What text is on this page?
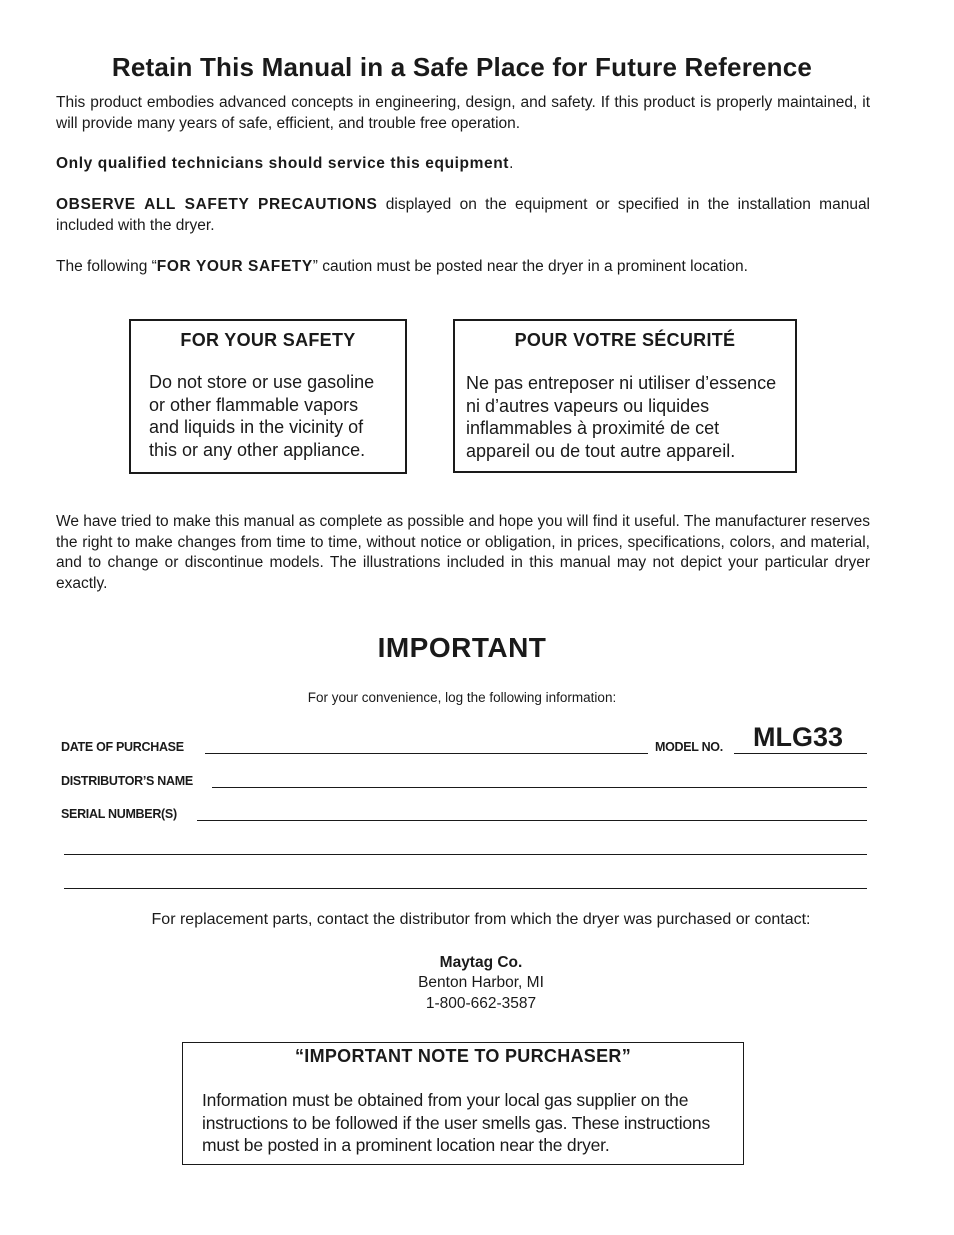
Retain This Manual in a Safe Place for Future Reference
This product embodies advanced concepts in engineering, design, and safety. If this product is properly maintained, it will provide many years of safe, efficient, and trouble free operation.
Only qualified technicians should service this equipment.
OBSERVE ALL SAFETY PRECAUTIONS displayed on the equipment or specified in the installation manual included with the dryer.
The following “FOR YOUR SAFETY” caution must be posted near the dryer in a prominent location.
FOR YOUR SAFETY
Do not store or use gasoline
or other flammable vapors
and liquids in the vicinity of
this or any other appliance.
POUR VOTRE SÉCURITÉ
Ne pas entreposer ni utiliser d’essence
ni d’autres vapeurs ou liquides
inflammables à proximité de cet
appareil ou de tout autre appareil.
We have tried to make this manual as complete as possible and hope you will find it useful. The manufacturer reserves the right to make changes from time to time, without notice or obligation, in prices, specifications, colors, and material, and to change or discontinue models. The illustrations included in this manual may not depict your particular dryer exactly.
IMPORTANT
For your convenience, log the following information:
DATE OF PURCHASE	MODEL NO. MLG33
DISTRIBUTOR’S NAME
SERIAL NUMBER(S)
For replacement parts, contact the distributor from which the dryer was purchased or contact:
Maytag Co.
Benton Harbor, MI
1-800-662-3587
“IMPORTANT NOTE TO PURCHASER”
Information must be obtained from your local gas supplier on the
instructions to be followed if the user smells gas. These instructions
must be posted in a prominent location near the dryer.
